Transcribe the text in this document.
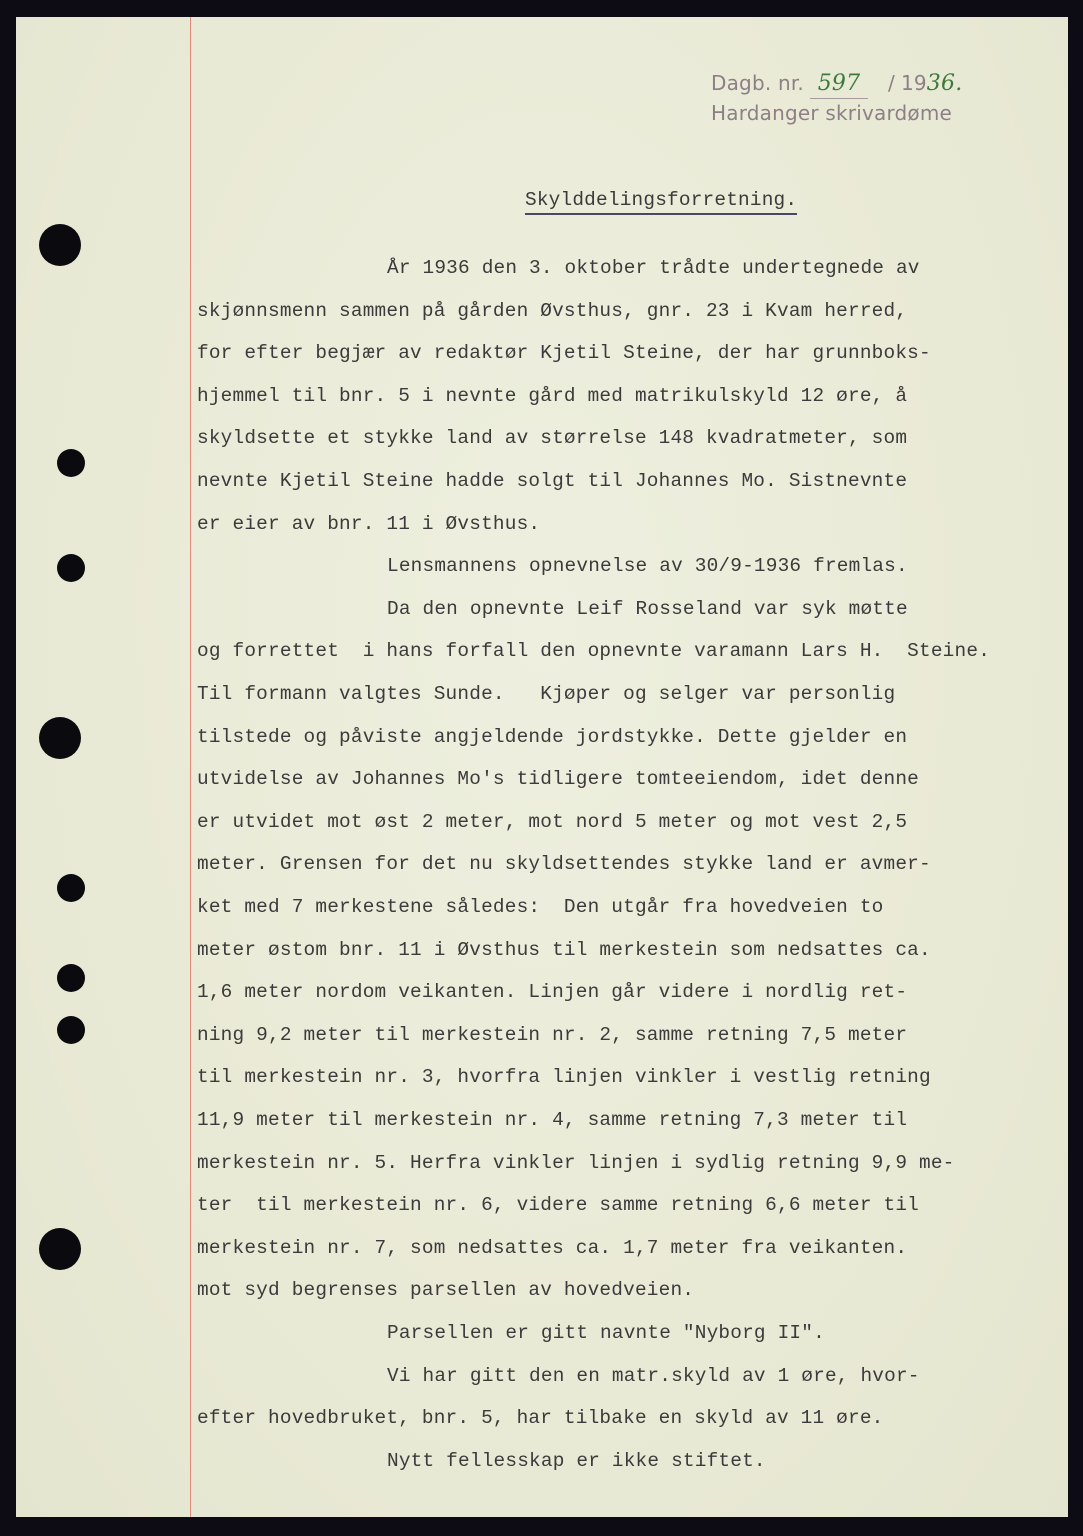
Dagb. nr. 597	/ 1936.
Hardanger skrivardøme
Skylddelingsforretning.
År 1936 den 3. oktober trådte undertegnede av
skjønnsmenn sammen på gården Øvsthus, gnr. 23 i Kvam herred,
for efter begjær av redaktør Kjetil Steine, der har grunnboks-
hjemmel til bnr. 5 i nevnte gård med matrikulskyld 12 øre, å
skyldsette et stykke land av størrelse 148 kvadratmeter, som
nevnte Kjetil Steine hadde solgt til Johannes Mo. Sistnevnte
er eier av bnr. 11 i Øvsthus.
Lensmannens opnevnelse av 30/9-1936 fremlas.
Da den opnevnte Leif Rosseland var syk møtte
og forrettet  i hans forfall den opnevnte varamann Lars H.  Steine.
Til formann valgtes Sunde.   Kjøper og selger var personlig
tilstede og påviste angjeldende jordstykke. Dette gjelder en
utvidelse av Johannes Mo's tidligere tomteeiendom, idet denne
er utvidet mot øst 2 meter, mot nord 5 meter og mot vest 2,5
meter. Grensen for det nu skyldsettendes stykke land er avmer-
ket med 7 merkestene således:  Den utgår fra hovedveien to
meter østom bnr. 11 i Øvsthus til merkestein som nedsattes ca.
1,6 meter nordom veikanten. Linjen går videre i nordlig ret-
ning 9,2 meter til merkestein nr. 2, samme retning 7,5 meter
til merkestein nr. 3, hvorfra linjen vinkler i vestlig retning
11,9 meter til merkestein nr. 4, samme retning 7,3 meter til
merkestein nr. 5. Herfra vinkler linjen i sydlig retning 9,9 me-
ter  til merkestein nr. 6, videre samme retning 6,6 meter til
merkestein nr. 7, som nedsattes ca. 1,7 meter fra veikanten.
mot syd begrenses parsellen av hovedveien.
Parsellen er gitt navnte "Nyborg II".
Vi har gitt den en matr.skyld av 1 øre, hvor-
efter hovedbruket, bnr. 5, har tilbake en skyld av 11 øre.
Nytt fellesskap er ikke stiftet.
